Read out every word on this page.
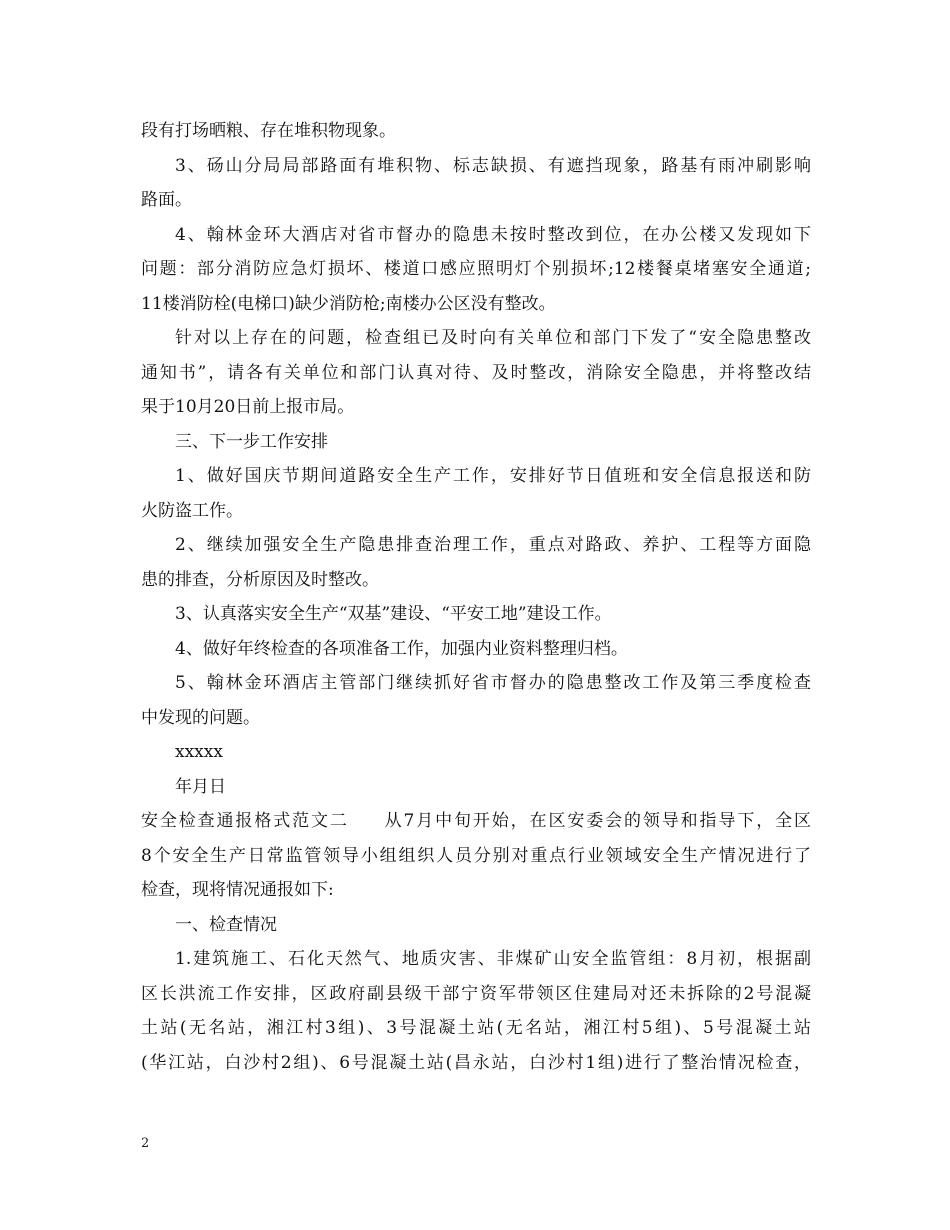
段有打场晒粮、存在堆积物现象。
3、砀山分局局部路面有堆积物、标志缺损、有遮挡现象，路基有雨冲刷影响
路面。
4、翰林金环大酒店对省市督办的隐患未按时整改到位，在办公楼又发现如下
问题：部分消防应急灯损坏、楼道口感应照明灯个别损坏;12楼餐桌堵塞安全通道;
11楼消防栓(电梯口)缺少消防枪;南楼办公区没有整改。
针对以上存在的问题，检查组已及时向有关单位和部门下发了“安全隐患整改
通知书”，请各有关单位和部门认真对待、及时整改，消除安全隐患，并将整改结
果于10月20日前上报市局。
三、下一步工作安排
1、做好国庆节期间道路安全生产工作，安排好节日值班和安全信息报送和防
火防盗工作。
2、继续加强安全生产隐患排查治理工作，重点对路政、养护、工程等方面隐
患的排查，分析原因及时整改。
3、认真落实安全生产“双基”建设、“平安工地”建设工作。
4、做好年终检查的各项准备工作，加强内业资料整理归档。
5、翰林金环酒店主管部门继续抓好省市督办的隐患整改工作及第三季度检查
中发现的问题。
xxxxx
年月日
安全检查通报格式范文二 从7月中旬开始，在区安委会的领导和指导下，全区
8个安全生产日常监管领导小组组织人员分别对重点行业领域安全生产情况进行了
检查，现将情况通报如下:
一、检查情况
1.建筑施工、石化天然气、地质灾害、非煤矿山安全监管组：8月初，根据副
区长洪流工作安排，区政府副县级干部宁资军带领区住建局对还未拆除的2号混凝
土站(无名站，湘江村3组)、3号混凝土站(无名站，湘江村5组)、5号混凝土站
(华江站，白沙村2组)、6号混凝土站(昌永站，白沙村1组)进行了整治情况检查，
2
